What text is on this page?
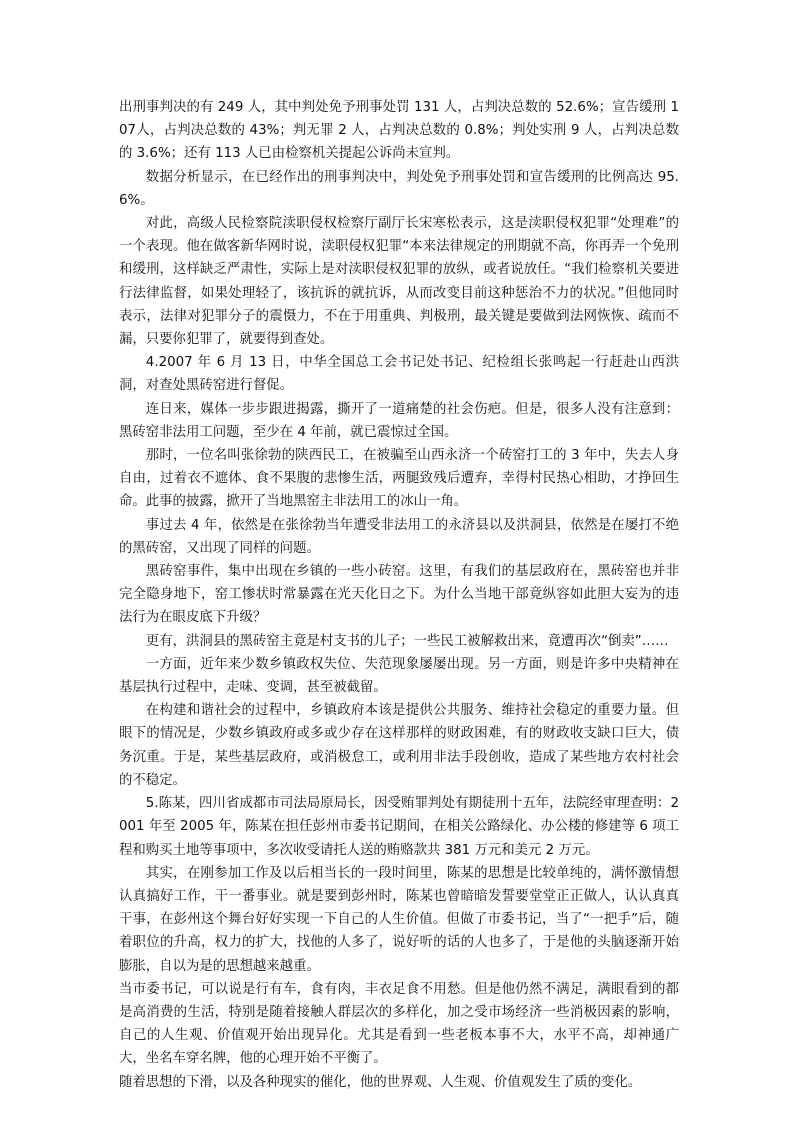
出刑事判决的有 249 人，其中判处免予刑事处罚 131 人，占判决总数的 52.6%；宣告缓刑 107人，占判决总数的 43%；判无罪 2 人，占判决总数的 0.8%；判处实刑 9 人，占判决总数的 3.6%；还有 113 人已由检察机关提起公诉尚未宣判。

数据分析显示，在已经作出的刑事判决中，判处免予刑事处罚和宣告缓刑的比例高达 95.6%。

对此，高级人民检察院渎职侵权检察厅副厅长宋寒松表示，这是渎职侵权犯罪“处理难”的一个表现。他在做客新华网时说，渎职侵权犯罪“本来法律规定的刑期就不高，你再弄一个免刑和缓刑，这样缺乏严肃性，实际上是对渎职侵权犯罪的放纵，或者说放任。“我们检察机关要进行法律监督，如果处理轻了，该抗诉的就抗诉，从而改变目前这种惩治不力的状况。”但他同时表示，法律对犯罪分子的震慑力，不在于用重典、判极刑，最关键是要做到法网恢恢、疏而不漏，只要你犯罪了，就要得到查处。

4.2007 年 6 月 13 日，中华全国总工会书记处书记、纪检组长张鸣起一行赶赴山西洪洞，对查处黑砖窑进行督促。

连日来，媒体一步步跟进揭露，撕开了一道痛楚的社会伤疤。但是，很多人没有注意到：黑砖窑非法用工问题，至少在 4 年前，就已震惊过全国。

那时，一位名叫张徐勃的陕西民工，在被骗至山西永济一个砖窑打工的 3 年中，失去人身自由，过着衣不遮体、食不果腹的悲惨生活，两腿致残后遭弃，幸得村民热心相助，才挣回生命。此事的披露，掀开了当地黑窑主非法用工的冰山一角。

事过去 4 年，依然是在张徐勃当年遭受非法用工的永济县以及洪洞县，依然是在屡打不绝的黑砖窑，又出现了同样的问题。

黑砖窑事件，集中出现在乡镇的一些小砖窑。这里，有我们的基层政府在，黑砖窑也并非完全隐身地下，窑工惨状时常暴露在光天化日之下。为什么当地干部竟纵容如此胆大妄为的违法行为在眼皮底下升级？

更有，洪洞县的黑砖窑主竟是村支书的儿子；一些民工被解救出来，竟遭再次“倒卖”……

一方面，近年来少数乡镇政权失位、失范现象屡屡出现。另一方面，则是许多中央精神在基层执行过程中，走味、变调，甚至被截留。

在构建和谐社会的过程中，乡镇政府本该是提供公共服务、维持社会稳定的重要力量。但眼下的情况是，少数乡镇政府或多或少存在这样那样的财政困难，有的财政收支缺口巨大，债务沉重。于是，某些基层政府，或消极怠工，或利用非法手段创收，造成了某些地方农村社会的不稳定。

5.陈某，四川省成都市司法局原局长，因受贿罪判处有期徒刑十五年，法院经审理查明：2001 年至 2005 年，陈某在担任彭州市委书记期间，在相关公路绿化、办公楼的修建等 6 项工程和购买土地等事项中，多次收受请托人送的贿赂款共 381 万元和美元 2 万元。

其实，在刚参加工作及以后相当长的一段时间里，陈某的思想是比较单纯的，满怀激情想认真搞好工作，干一番事业。就是要到彭州时，陈某也曾暗暗发誓要堂堂正正做人，认认真真干事，在彭州这个舞台好好实现一下自己的人生价值。但做了市委书记，当了“一把手”后，随着职位的升高，权力的扩大，找他的人多了，说好听的话的人也多了，于是他的头脑逐渐开始膨胀，自以为是的思想越来越重。

当市委书记，可以说是行有车，食有肉，丰衣足食不用愁。但是他仍然不满足，满眼看到的都是高消费的生活，特别是随着接触人群层次的多样化，加之受市场经济一些消极因素的影响，自己的人生观、价值观开始出现异化。尤其是看到一些老板本事不大，水平不高，却神通广大，坐名车穿名牌，他的心理开始不平衡了。

随着思想的下滑，以及各种现实的催化，他的世界观、人生观、价值观发生了质的变化。
